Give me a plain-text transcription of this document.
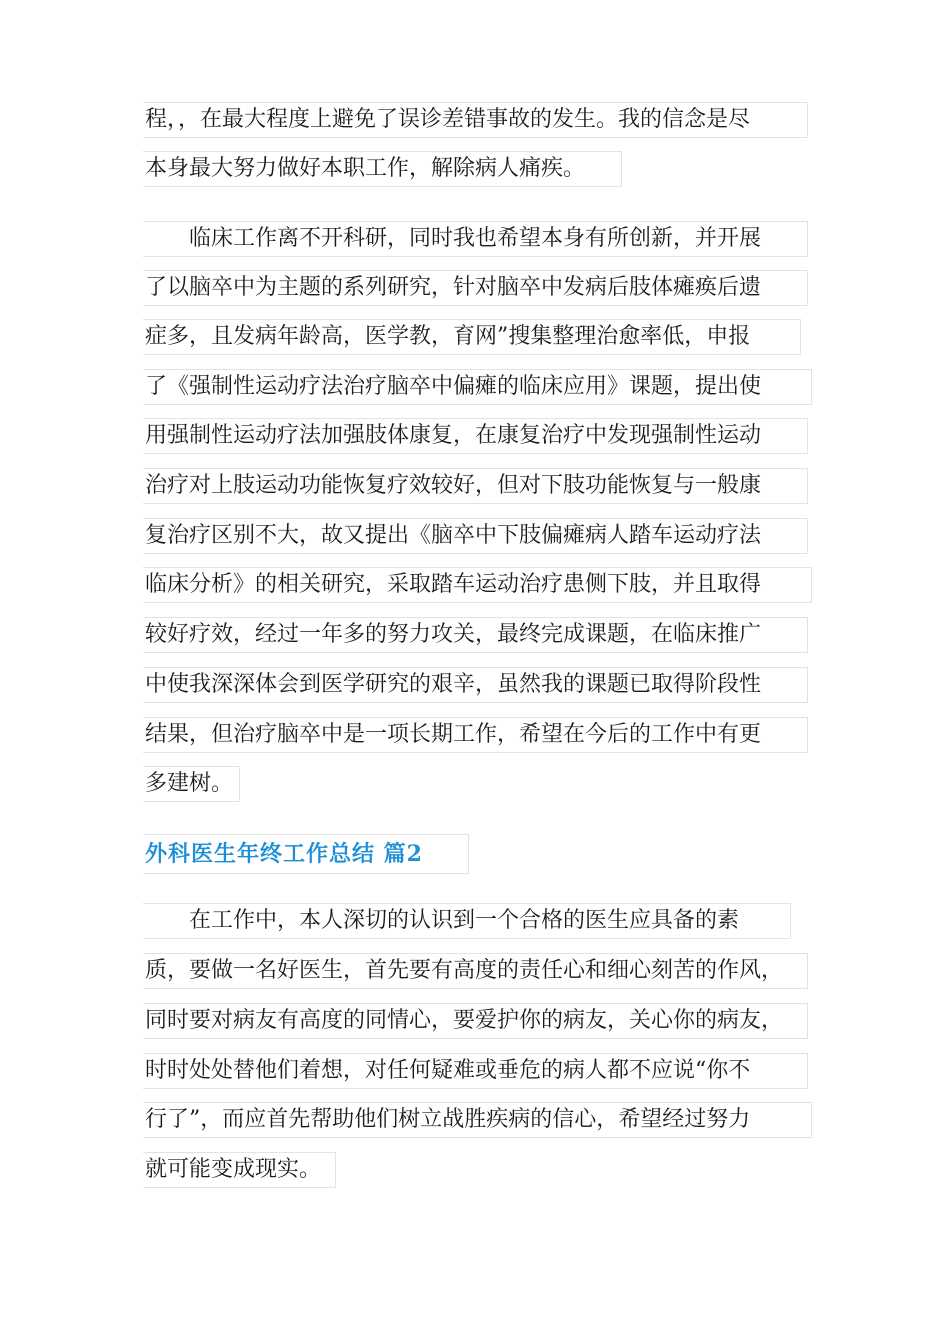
程，，在最大程度上避免了误诊差错事故的发生。我的信念是尽
本身最大努力做好本职工作，解除病人痛疾。
临床工作离不开科研，同时我也希望本身有所创新，并开展
了以脑卒中为主题的系列研究，针对脑卒中发病后肢体瘫痪后遗
症多，且发病年龄高，医学教，育网”搜集整理治愈率低，申报
了《强制性运动疗法治疗脑卒中偏瘫的临床应用》课题，提出使
用强制性运动疗法加强肢体康复，在康复治疗中发现强制性运动
治疗对上肢运动功能恢复疗效较好，但对下肢功能恢复与一般康
复治疗区别不大，故又提出《脑卒中下肢偏瘫病人踏车运动疗法
临床分析》的相关研究，采取踏车运动治疗患侧下肢，并且取得
较好疗效，经过一年多的努力攻关，最终完成课题，在临床推广
中使我深深体会到医学研究的艰辛，虽然我的课题已取得阶段性
结果，但治疗脑卒中是一项长期工作，希望在今后的工作中有更
多建树。
外科医生年终工作总结 篇2
在工作中，本人深切的认识到一个合格的医生应具备的素
质，要做一名好医生，首先要有高度的责任心和细心刻苦的作风，
同时要对病友有高度的同情心，要爱护你的病友，关心你的病友，
时时处处替他们着想，对任何疑难或垂危的病人都不应说“你不
行了”，而应首先帮助他们树立战胜疾病的信心，希望经过努力
就可能变成现实。
